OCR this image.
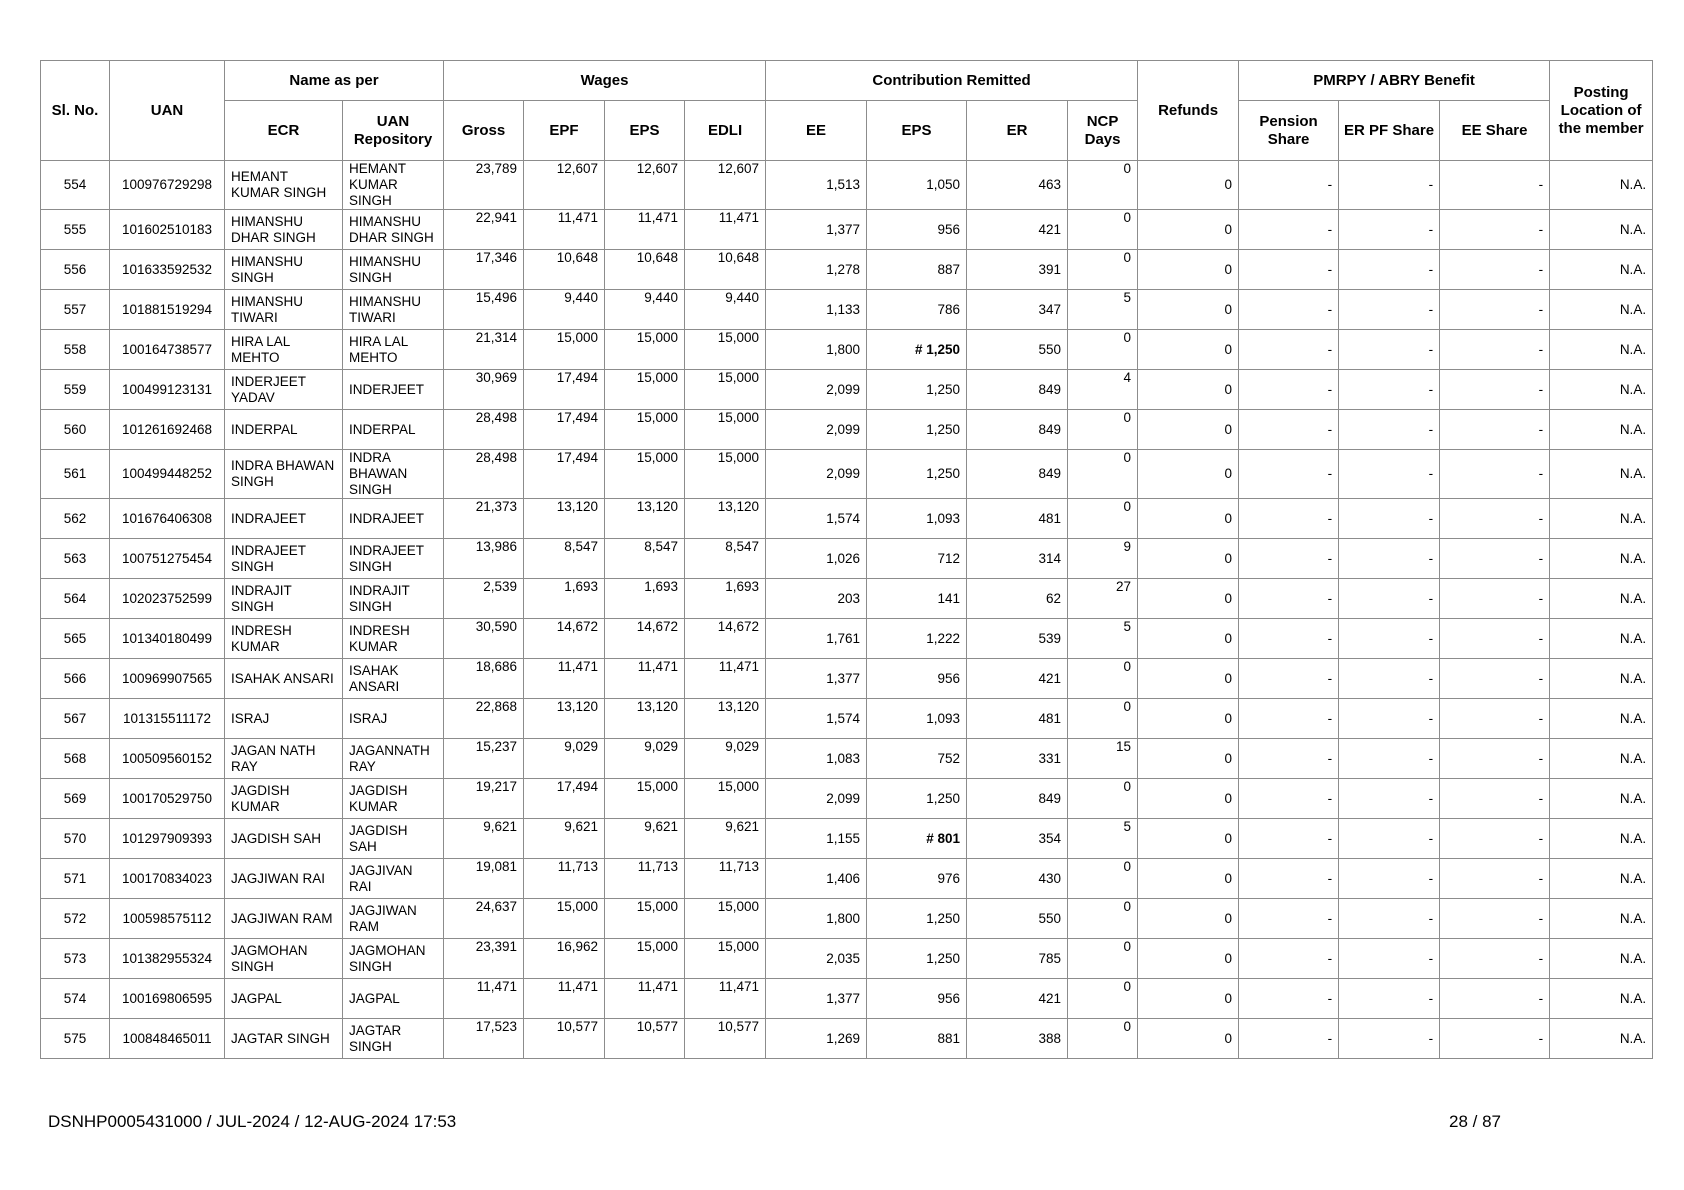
Sl. No.	UAN	Name as per		Wages				Contribution Remitted				Refunds	PMRPY / ABRY Benefit			Posting Location of the member
		ECR	UAN Repository	Gross	EPF	EPS	EDLI	EE	EPS	ER	NCP Days		Pension Share	ER PF Share	EE Share	
554	100976729298	HEMANT KUMAR SINGH	HEMANT KUMAR SINGH	23,789	12,607	12,607	12,607	1,513	1,050	463	0	0	-	-	-	N.A.
555	101602510183	HIMANSHU DHAR SINGH	HIMANSHU DHAR SINGH	22,941	11,471	11,471	11,471	1,377	956	421	0	0	-	-	-	N.A.
556	101633592532	HIMANSHU SINGH	HIMANSHU SINGH	17,346	10,648	10,648	10,648	1,278	887	391	0	0	-	-	-	N.A.
557	101881519294	HIMANSHU TIWARI	HIMANSHU TIWARI	15,496	9,440	9,440	9,440	1,133	786	347	5	0	-	-	-	N.A.
558	100164738577	HIRA LAL MEHTO	HIRA LAL MEHTO	21,314	15,000	15,000	15,000	1,800	# 1,250	550	0	0	-	-	-	N.A.
559	100499123131	INDERJEET YADAV	INDERJEET	30,969	17,494	15,000	15,000	2,099	1,250	849	4	0	-	-	-	N.A.
560	101261692468	INDERPAL	INDERPAL	28,498	17,494	15,000	15,000	2,099	1,250	849	0	0	-	-	-	N.A.
561	100499448252	INDRA BHAWAN SINGH	INDRA BHAWAN SINGH	28,498	17,494	15,000	15,000	2,099	1,250	849	0	0	-	-	-	N.A.
562	101676406308	INDRAJEET	INDRAJEET	21,373	13,120	13,120	13,120	1,574	1,093	481	0	0	-	-	-	N.A.
563	100751275454	INDRAJEET SINGH	INDRAJEET SINGH	13,986	8,547	8,547	8,547	1,026	712	314	9	0	-	-	-	N.A.
564	102023752599	INDRAJIT SINGH	INDRAJIT SINGH	2,539	1,693	1,693	1,693	203	141	62	27	0	-	-	-	N.A.
565	101340180499	INDRESH KUMAR	INDRESH KUMAR	30,590	14,672	14,672	14,672	1,761	1,222	539	5	0	-	-	-	N.A.
566	100969907565	ISAHAK ANSARI	ISAHAK ANSARI	18,686	11,471	11,471	11,471	1,377	956	421	0	0	-	-	-	N.A.
567	101315511172	ISRAJ	ISRAJ	22,868	13,120	13,120	13,120	1,574	1,093	481	0	0	-	-	-	N.A.
568	100509560152	JAGAN NATH RAY	JAGANNATH RAY	15,237	9,029	9,029	9,029	1,083	752	331	15	0	-	-	-	N.A.
569	100170529750	JAGDISH KUMAR	JAGDISH KUMAR	19,217	17,494	15,000	15,000	2,099	1,250	849	0	0	-	-	-	N.A.
570	101297909393	JAGDISH SAH	JAGDISH SAH	9,621	9,621	9,621	9,621	1,155	# 801	354	5	0	-	-	-	N.A.
571	100170834023	JAGJIWAN RAI	JAGJIVAN RAI	19,081	11,713	11,713	11,713	1,406	976	430	0	0	-	-	-	N.A.
572	100598575112	JAGJIWAN RAM	JAGJIWAN RAM	24,637	15,000	15,000	15,000	1,800	1,250	550	0	0	-	-	-	N.A.
573	101382955324	JAGMOHAN SINGH	JAGMOHAN SINGH	23,391	16,962	15,000	15,000	2,035	1,250	785	0	0	-	-	-	N.A.
574	100169806595	JAGPAL	JAGPAL	11,471	11,471	11,471	11,471	1,377	956	421	0	0	-	-	-	N.A.
575	100848465011	JAGTAR SINGH	JAGTAR SINGH	17,523	10,577	10,577	10,577	1,269	881	388	0	0	-	-	-	N.A.
DSNHP0005431000 / JUL-2024 / 12-AUG-2024 17:53	28 / 87
